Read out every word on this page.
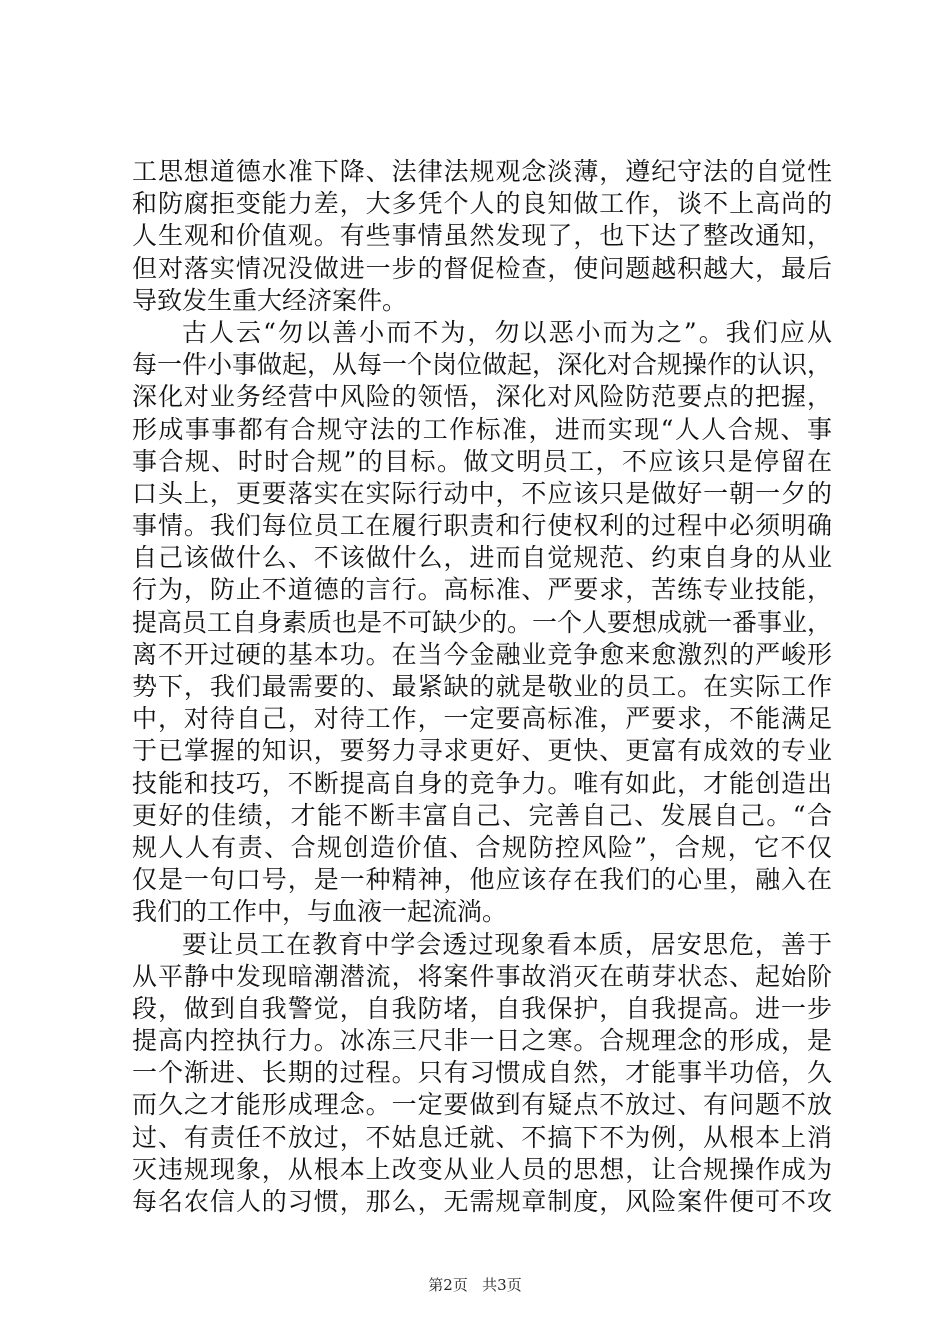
工思想道德水准下降、法律法规观念淡薄，遵纪守法的自觉性
和防腐拒变能力差，大多凭个人的良知做工作，谈不上高尚的
人生观和价值观。有些事情虽然发现了，也下达了整改通知，
但对落实情况没做进一步的督促检查，使问题越积越大，最后
导致发生重大经济案件。
古人云“勿以善小而不为，勿以恶小而为之”。我们应从
每一件小事做起，从每一个岗位做起，深化对合规操作的认识，
深化对业务经营中风险的领悟，深化对风险防范要点的把握，
形成事事都有合规守法的工作标准，进而实现“人人合规、事
事合规、时时合规”的目标。做文明员工，不应该只是停留在
口头上，更要落实在实际行动中，不应该只是做好一朝一夕的
事情。我们每位员工在履行职责和行使权利的过程中必须明确
自己该做什么、不该做什么，进而自觉规范、约束自身的从业
行为，防止不道德的言行。高标准、严要求，苦练专业技能，
提高员工自身素质也是不可缺少的。一个人要想成就一番事业，
离不开过硬的基本功。在当今金融业竞争愈来愈激烈的严峻形
势下，我们最需要的、最紧缺的就是敬业的员工。在实际工作
中，对待自己，对待工作，一定要高标准，严要求，不能满足
于已掌握的知识，要努力寻求更好、更快、更富有成效的专业
技能和技巧，不断提高自身的竞争力。唯有如此，才能创造出
更好的佳绩，才能不断丰富自己、完善自己、发展自己。“合
规人人有责、合规创造价值、合规防控风险”，合规，它不仅
仅是一句口号，是一种精神，他应该存在我们的心里，融入在
我们的工作中，与血液一起流淌。
要让员工在教育中学会透过现象看本质，居安思危，善于
从平静中发现暗潮潜流，将案件事故消灭在萌芽状态、起始阶
段，做到自我警觉，自我防堵，自我保护，自我提高。进一步
提高内控执行力。冰冻三尺非一日之寒。合规理念的形成，是
一个渐进、长期的过程。只有习惯成自然，才能事半功倍，久
而久之才能形成理念。一定要做到有疑点不放过、有问题不放
过、有责任不放过，不姑息迁就、不搞下不为例，从根本上消
灭违规现象，从根本上改变从业人员的思想，让合规操作成为
每名农信人的习惯，那么，无需规章制度，风险案件便可不攻
第2页 共3页
